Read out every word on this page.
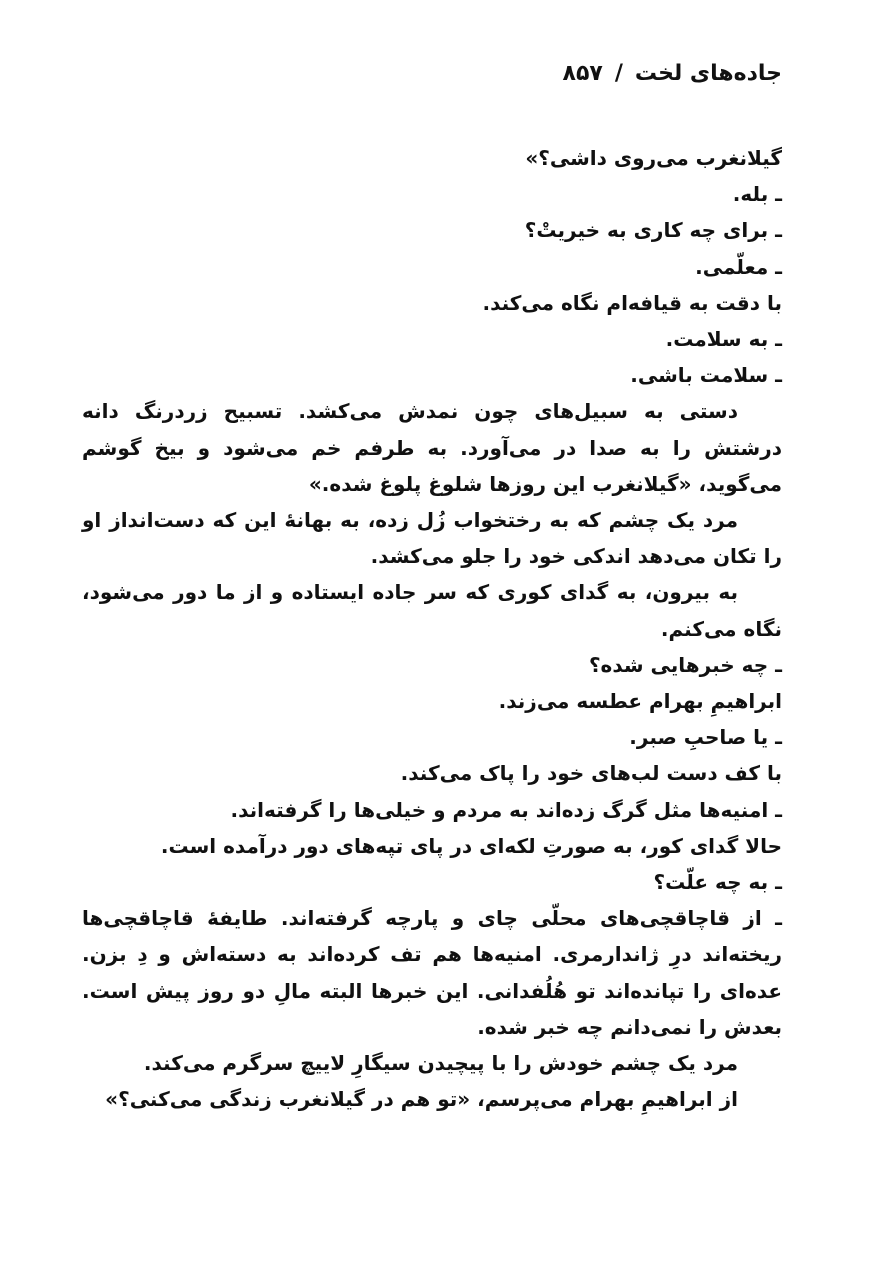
جاده‌های لخت/۸۵۷

گیلانغرب می‌روی داشی؟»

ـ بله.

ـ برای چه کاری به خیریتْ؟

ـ معلّمی.

با دقت به قیافه‌ام نگاه می‌کند.

ـ به سلامت.

ـ سلامت باشی.

دستی به سبیل‌های چون نمدش می‌کشد. تسبیح زردرنگ دانه درشتش را به صدا در می‌آورد. به طرفم خم می‌شود و بیخ گوشم می‌گوید، «گیلانغرب این روزها شلوغ پلوغ شده.»

مرد یک چشم که به رختخواب زُل زده، به بهانهٔ این که دست‌انداز او را تکان می‌دهد اندکی خود را جلو می‌کشد.

به بیرون، به گدای کوری که سر جاده ایستاده و از ما دور می‌شود، نگاه می‌کنم.

ـ چه خبرهایی شده؟

ابراهیمِ بهرام عطسه می‌زند.

ـ یا صاحبِ صبر.

با کف دست لب‌های خود را پاک می‌کند.

ـ امنیه‌ها مثل گرگ زده‌اند به مردم و خیلی‌ها را گرفته‌اند.

حالا گدای کور، به صورتِ لکه‌ای در پای تپه‌های دور درآمده است.

ـ به چه علّت؟

ـ از قاچاقچی‌های محلّی چای و پارچه گرفته‌اند. طایفهٔ قاچاقچی‌ها ریخته‌اند درِ ژاندارمری. امنیه‌ها هم تف کرده‌اند به دسته‌اش و دِ بزن. عده‌ای را تپانده‌اند تو هُلُفدانی. این خبرها البته مالِ دو روز پیش است. بعدش را نمی‌دانم چه خبر شده.

مرد یک چشم خودش را با پیچیدن سیگارِ لاییچ سرگرم می‌کند.

از ابراهیمِ بهرام می‌پرسم، «تو هم در گیلانغرب زندگی می‌کنی؟»
